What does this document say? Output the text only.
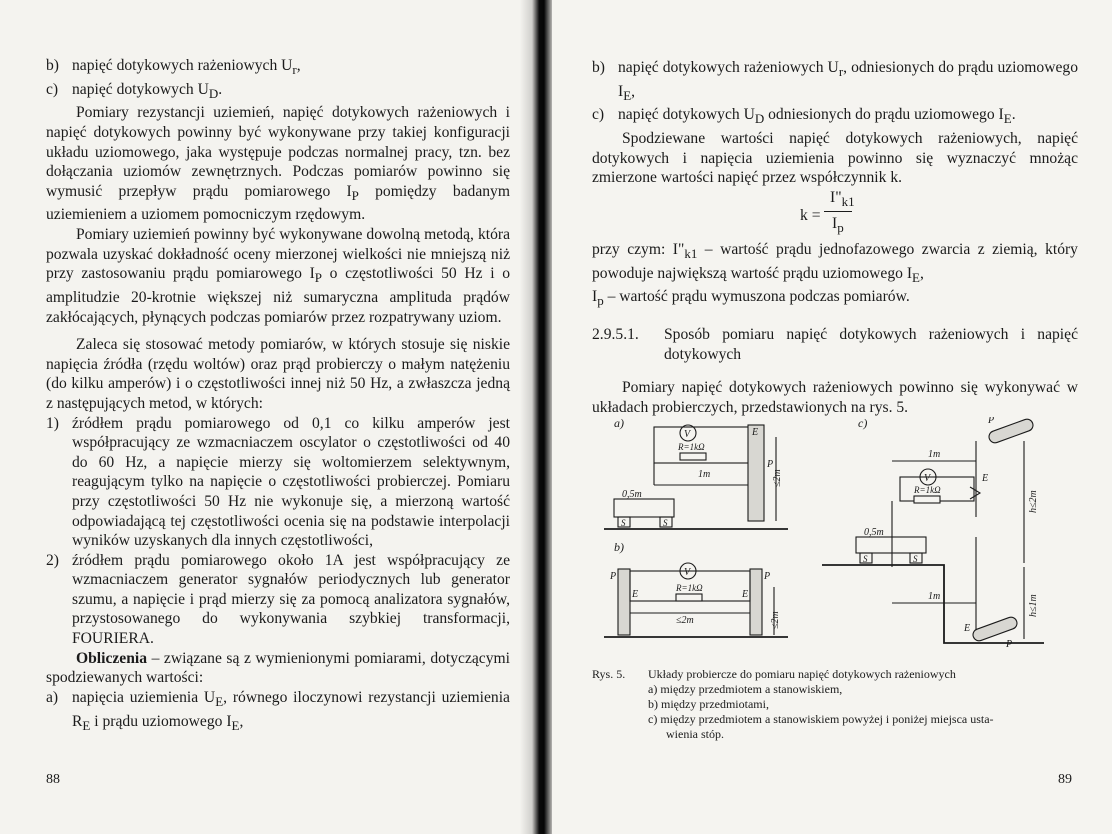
b) napięć dotykowych rażeniowych $U_r$,

c) napięć dotykowych $U_D$.

Pomiary rezystancji uziemień, napięć dotykowych rażeniowych i napięć dotykowych powinny być wykonywane przy takiej konfiguracji układu uziomowego, jaka występuje podczas normalnej pracy, tzn. bez dołączania uziomów zewnętrznych. Podczas pomiarów powinno się wymusić przepływ prądu pomiarowego $I_P$ pomiędzy badanym uziemieniem a uziomem pomocniczym rzędowym.

Pomiary uziemień powinny być wykonywane dowolną metodą, która pozwala uzyskać dokładność oceny mierzonej wielkości nie mniejszą niż przy zastosowaniu prądu pomiarowego $I_P$ o częstotliwości 50 Hz i o amplitudzie 20-krotnie większej niż sumaryczna amplituda prądów zakłócających, płynących podczas pomiarów przez rozpatrywany uziom.

Zaleca się stosować metody pomiarów, w których stosuje się niskie napięcia źródła (rzędu woltów) oraz prąd probierczy o małym natężeniu (do kilku amperów) i o częstotliwości innej niż 50 Hz, a zwłaszcza jedną z następujących metod, w których:

1) źródłem prądu pomiarowego od 0,1 co kilku amperów jest współpracujący ze wzmacniaczem oscylator o częstotliwości od 40 do 60 Hz, a napięcie mierzy się woltomierzem selektywnym, reagującym tylko na napięcie o częstotliwości probierczej. Pomiaru przy częstotliwości 50 Hz nie wykonuje się, a mierzoną wartość odpowiadającą tej częstotliwości ocenia się na podstawie interpolacji wyników uzyskanych dla innych częstotliwości,

2) źródłem prądu pomiarowego około 1A jest współpracujący ze wzmacniaczem generator sygnałów periodycznych lub generator szumu, a napięcie i prąd mierzy się za pomocą analizatora sygnałów, przystosowanego do wykonywania szybkiej transformacji, FOURIERA.

Obliczenia – związane są z wymienionymi pomiarami, dotyczącymi spodziewanych wartości:

a) napięcia uziemienia $U_E$, równego iloczynowi rezystancji uziemienia $R_E$ i prądu uziomowego $I_E$,

88

b) napięć dotykowych rażeniowych $U_r$, odniesionych do prądu uziomowego $I_E$,

c) napięć dotykowych $U_D$ odniesionych do prądu uziomowego $I_E$.

Spodziewane wartości napięć dotykowych rażeniowych, napięć dotykowych i napięcia uziemienia powinno się wyznaczyć mnożąc zmierzone wartości napięć przez współczynnik k.

k =
$I"_{k1}$
$I_p$

przy czym: $I"_{k1}$ – wartość prądu jednofazowego zwarcia z ziemią, który powoduje największą wartość prądu uziomowego $I_E$,

$I_p$ – wartość prądu wymuszona podczas pomiarów.

2.9.5.1. Sposób pomiaru napięć dotykowych rażeniowych i napięć dotykowych

Pomiary napięć dotykowych rażeniowych powinno się wykonywać w układach probierczych, przedstawionych na rys. 5.

a)
V
R=1kΩ
E
P
1m
0,5m
S	S
≤2m
b)
P	P
E	E
V
R=1kΩ
≤2m	≤2m
c)	P
E
1m
V
R=1kΩ
0,5m
S	S
1m
E
P
h≤2m
h≤1m

Rys. 5. Układy probiercze do pomiaru napięć dotykowych rażeniowych

a) między przedmiotem a stanowiskiem,

b) między przedmiotami,

c) między przedmiotem a stanowiskiem powyżej i poniżej miejsca usta-

wienia stóp.

89
